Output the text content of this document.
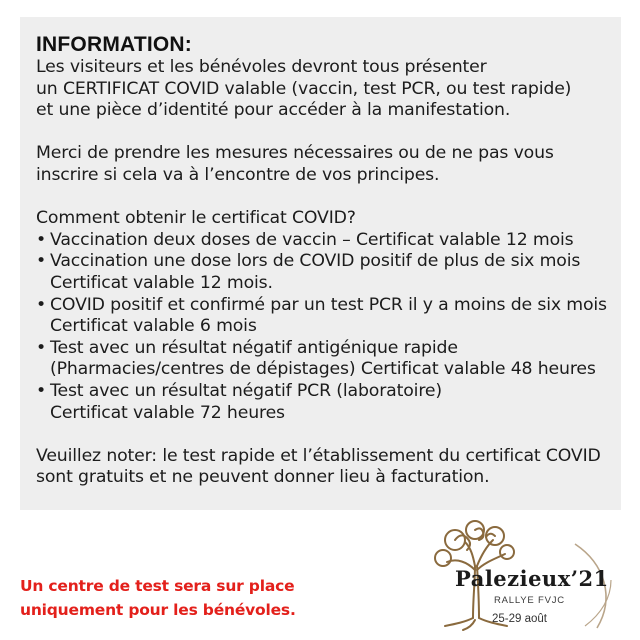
INFORMATION:

Les visiteurs et les bénévoles devront tous présenter
un CERTIFICAT COVID valable (vaccin, test PCR, ou test rapide)
et une pièce d’identité pour accéder à la manifestation.

Merci de prendre les mesures nécessaires ou de ne pas vous
inscrire si cela va à l’encontre de vos principes.

Comment obtenir le certificat COVID?

• Vaccination deux doses de vaccin – Certificat valable 12 mois
• Vaccination une dose lors de COVID positif de plus de six mois
Certificat valable 12 mois.
• COVID positif et confirmé par un test PCR il y a moins de six mois
Certificat valable 6 mois
• Test avec un résultat négatif antigénique rapide
(Pharmacies/centres de dépistages) Certificat valable 48 heures
• Test avec un résultat négatif PCR (laboratoire)
Certificat valable 72 heures

Veuillez noter: le test rapide et l’établissement du certificat COVID
sont gratuits et ne peuvent donner lieu à facturation.

Un centre de test sera sur place
uniquement pour les bénévoles.
Palezieux’21
RALLYE FVJC
25-29 août
